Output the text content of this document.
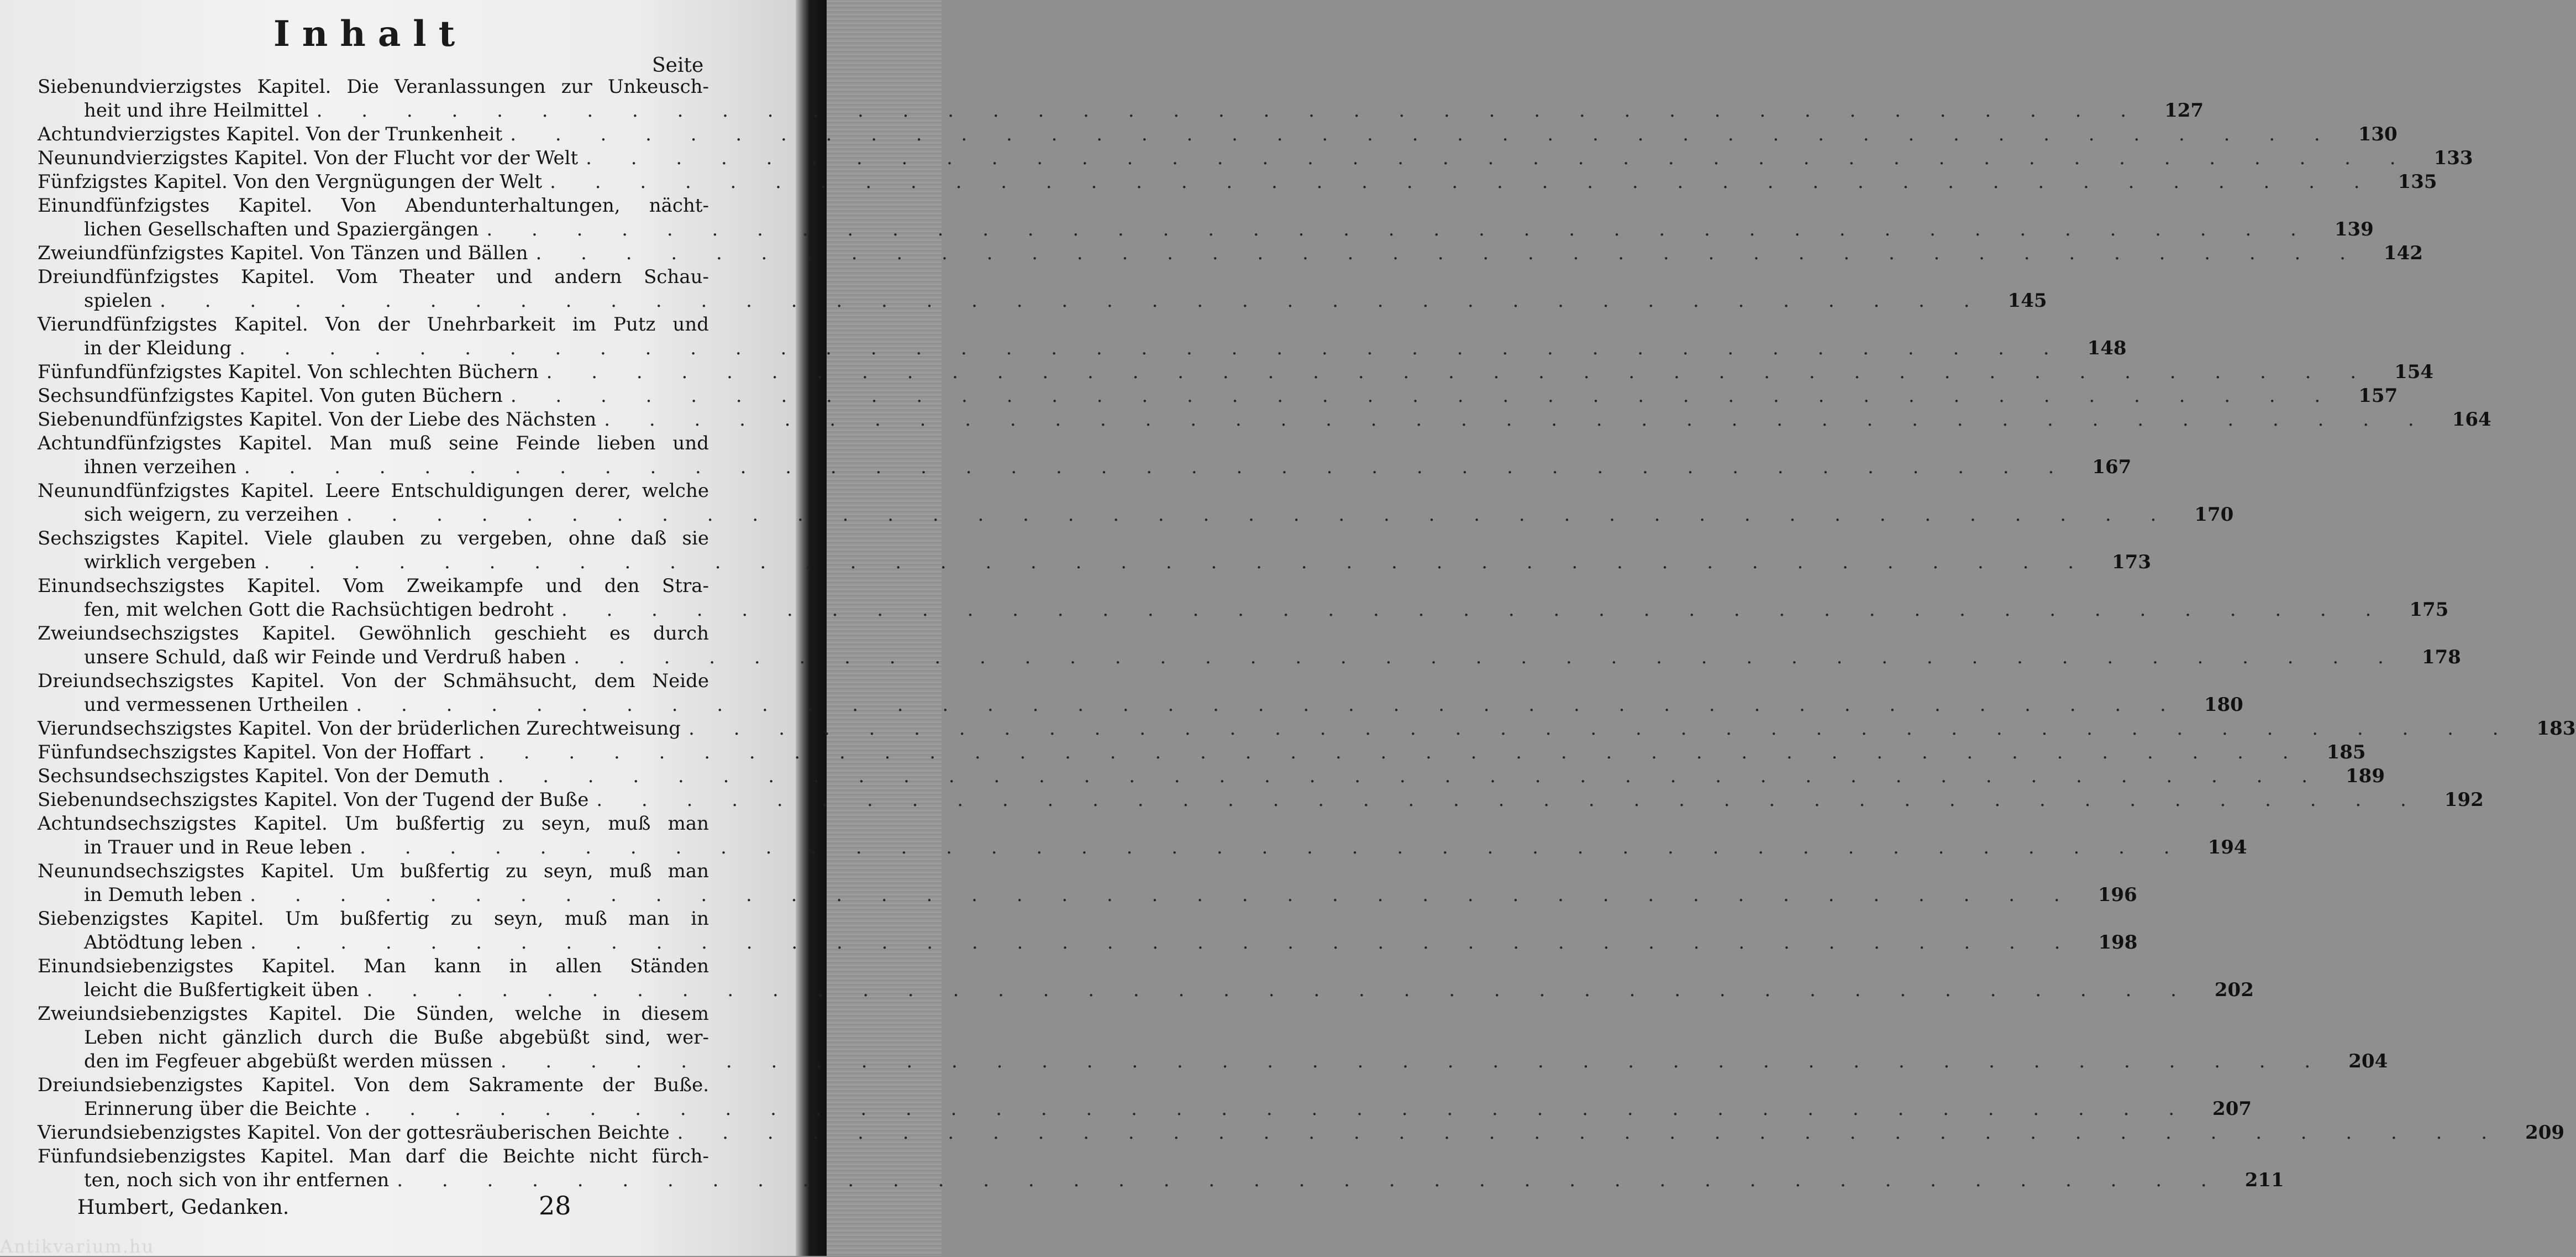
Inhalt
Seite
Siebenundvierzigstes Kapitel. Die Veranlassungen zur Unkeusch-
heit und ihre Heilmittel . . .	127
Achtundvierzigstes Kapitel. Von der Trunkenheit . . .	130
Neunundvierzigstes Kapitel. Von der Flucht vor der Welt . . .	133
Fünfzigstes Kapitel. Von den Vergnügungen der Welt . . .	135
Einundfünfzigstes Kapitel. Von Abendunterhaltungen, nächt-
lichen Gesellschaften und Spaziergängen . . .	139
Zweiundfünfzigstes Kapitel. Von Tänzen und Bällen . . .	142
Dreiundfünfzigstes Kapitel. Vom Theater und andern Schau-
spielen . . .	145
Vierundfünfzigstes Kapitel. Von der Unehrbarkeit im Putz und
in der Kleidung . . .	148
Fünfundfünfzigstes Kapitel. Von schlechten Büchern . . .	154
Sechsundfünfzigstes Kapitel. Von guten Büchern . . .	157
Siebenundfünfzigstes Kapitel. Von der Liebe des Nächsten . . .	164
Achtundfünfzigstes Kapitel. Man muß seine Feinde lieben und
ihnen verzeihen . . .	167
Neunundfünfzigstes Kapitel. Leere Entschuldigungen derer, welche
sich weigern, zu verzeihen . . .	170
Sechszigstes Kapitel. Viele glauben zu vergeben, ohne daß sie
wirklich vergeben . . .	173
Einundsechszigstes Kapitel. Vom Zweikampfe und den Stra-
fen, mit welchen Gott die Rachsüchtigen bedroht . . .	175
Zweiundsechszigstes Kapitel. Gewöhnlich geschieht es durch
unsere Schuld, daß wir Feinde und Verdruß haben . . .	178
Dreiundsechszigstes Kapitel. Von der Schmähsucht, dem Neide
und vermessenen Urtheilen . . .	180
Vierundsechszigstes Kapitel. Von der brüderlichen Zurechtweisung . . .	183
Fünfundsechszigstes Kapitel. Von der Hoffart . . .	185
Sechsundsechszigstes Kapitel. Von der Demuth . . .	189
Siebenundsechszigstes Kapitel. Von der Tugend der Buße . . .	192
Achtundsechszigstes Kapitel. Um bußfertig zu seyn, muß man
in Trauer und in Reue leben . . .	194
Neunundsechszigstes Kapitel. Um bußfertig zu seyn, muß man
in Demuth leben . . .	196
Siebenzigstes Kapitel. Um bußfertig zu seyn, muß man in
Abtödtung leben . . .	198
Einundsiebenzigstes Kapitel. Man kann in allen Ständen
leicht die Bußfertigkeit üben . . .	202
Zweiundsiebenzigstes Kapitel. Die Sünden, welche in diesem
Leben nicht gänzlich durch die Buße abgebüßt sind, wer-
den im Fegfeuer abgebüßt werden müssen . . .	204
Dreiundsiebenzigstes Kapitel. Von dem Sakramente der Buße.
Erinnerung über die Beichte . . .	207
Vierundsiebenzigstes Kapitel. Von der gottesräuberischen Beichte . . .	209
Fünfundsiebenzigstes Kapitel. Man darf die Beichte nicht fürch-
ten, noch sich von ihr entfernen . . .	211
Humbert, Gedanken.	28
Antikvarium.hu
